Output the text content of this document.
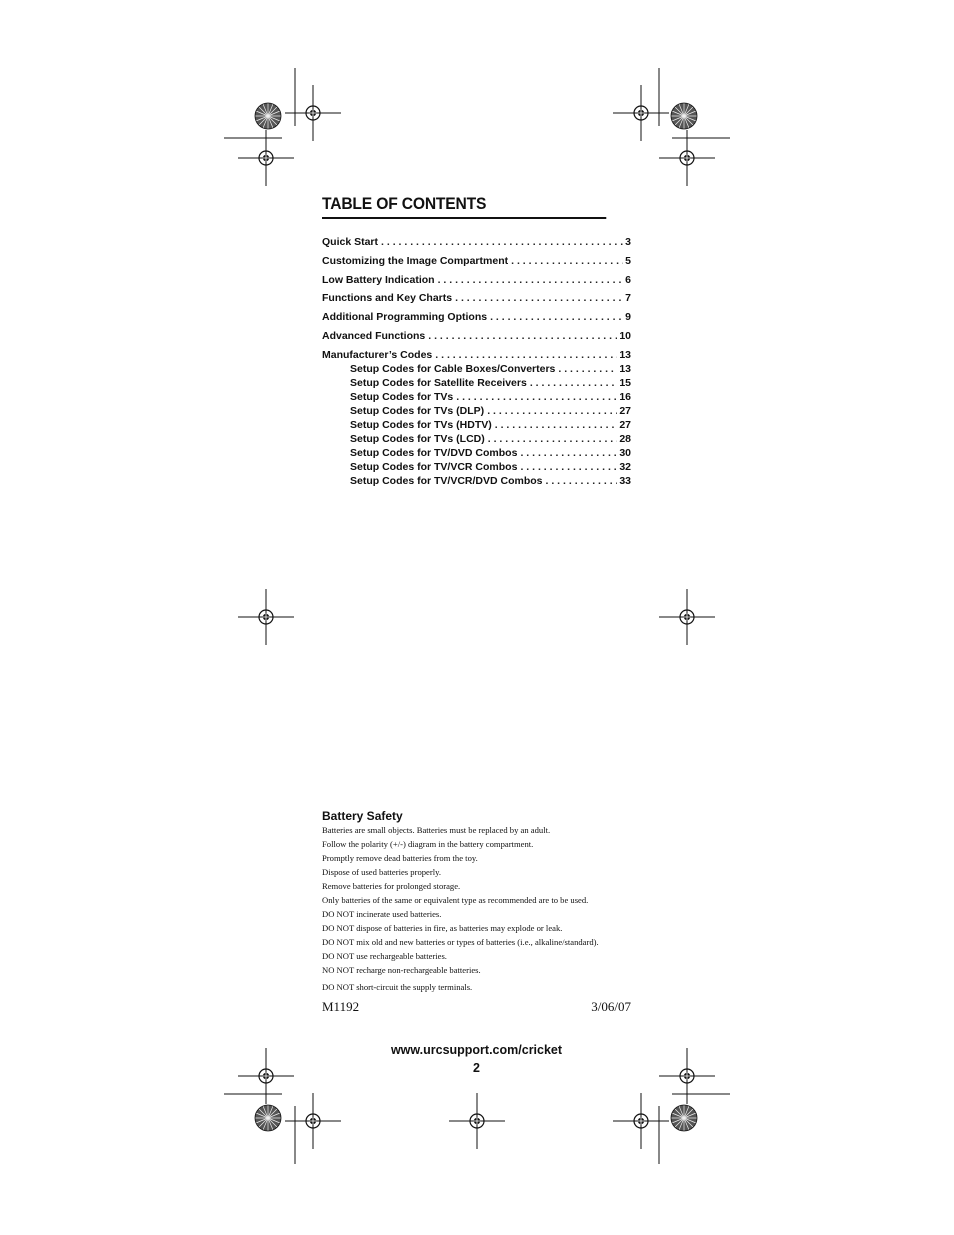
TABLE OF CONTENTS
Quick Start . . .	3
Customizing the Image Compartment . . .	5
Low Battery Indication . . .	6
Functions and Key Charts . . .	7
Additional Programming Options . . .	9
Advanced Functions . . .	10
Manufacturer’s Codes . . .	13
Setup Codes for Cable Boxes/Converters . . .	13
Setup Codes for Satellite Receivers . . .	15
Setup Codes for TVs . . .	16
Setup Codes for TVs (DLP) . . .	27
Setup Codes for TVs (HDTV) . . .	27
Setup Codes for TVs (LCD) . . .	28
Setup Codes for TV/DVD Combos . . .	30
Setup Codes for TV/VCR Combos . . .	32
Setup Codes for TV/VCR/DVD Combos . . .	33
Battery Safety
Batteries are small objects. Batteries must be replaced by an adult.
Follow the polarity (+/-) diagram in the battery compartment.
Promptly remove dead batteries from the toy.
Dispose of used batteries properly.
Remove batteries for prolonged storage.
Only batteries of the same or equivalent type as recommended are to be used.
DO NOT incinerate used batteries.
DO NOT dispose of batteries in fire, as batteries may explode or leak.
DO NOT mix old and new batteries or types of batteries (i.e., alkaline/standard).
DO NOT use rechargeable batteries.
NO NOT recharge non-rechargeable batteries.
DO NOT short-circuit the supply terminals.
M1192	3/06/07
www.urcsupport.com/cricket
2
